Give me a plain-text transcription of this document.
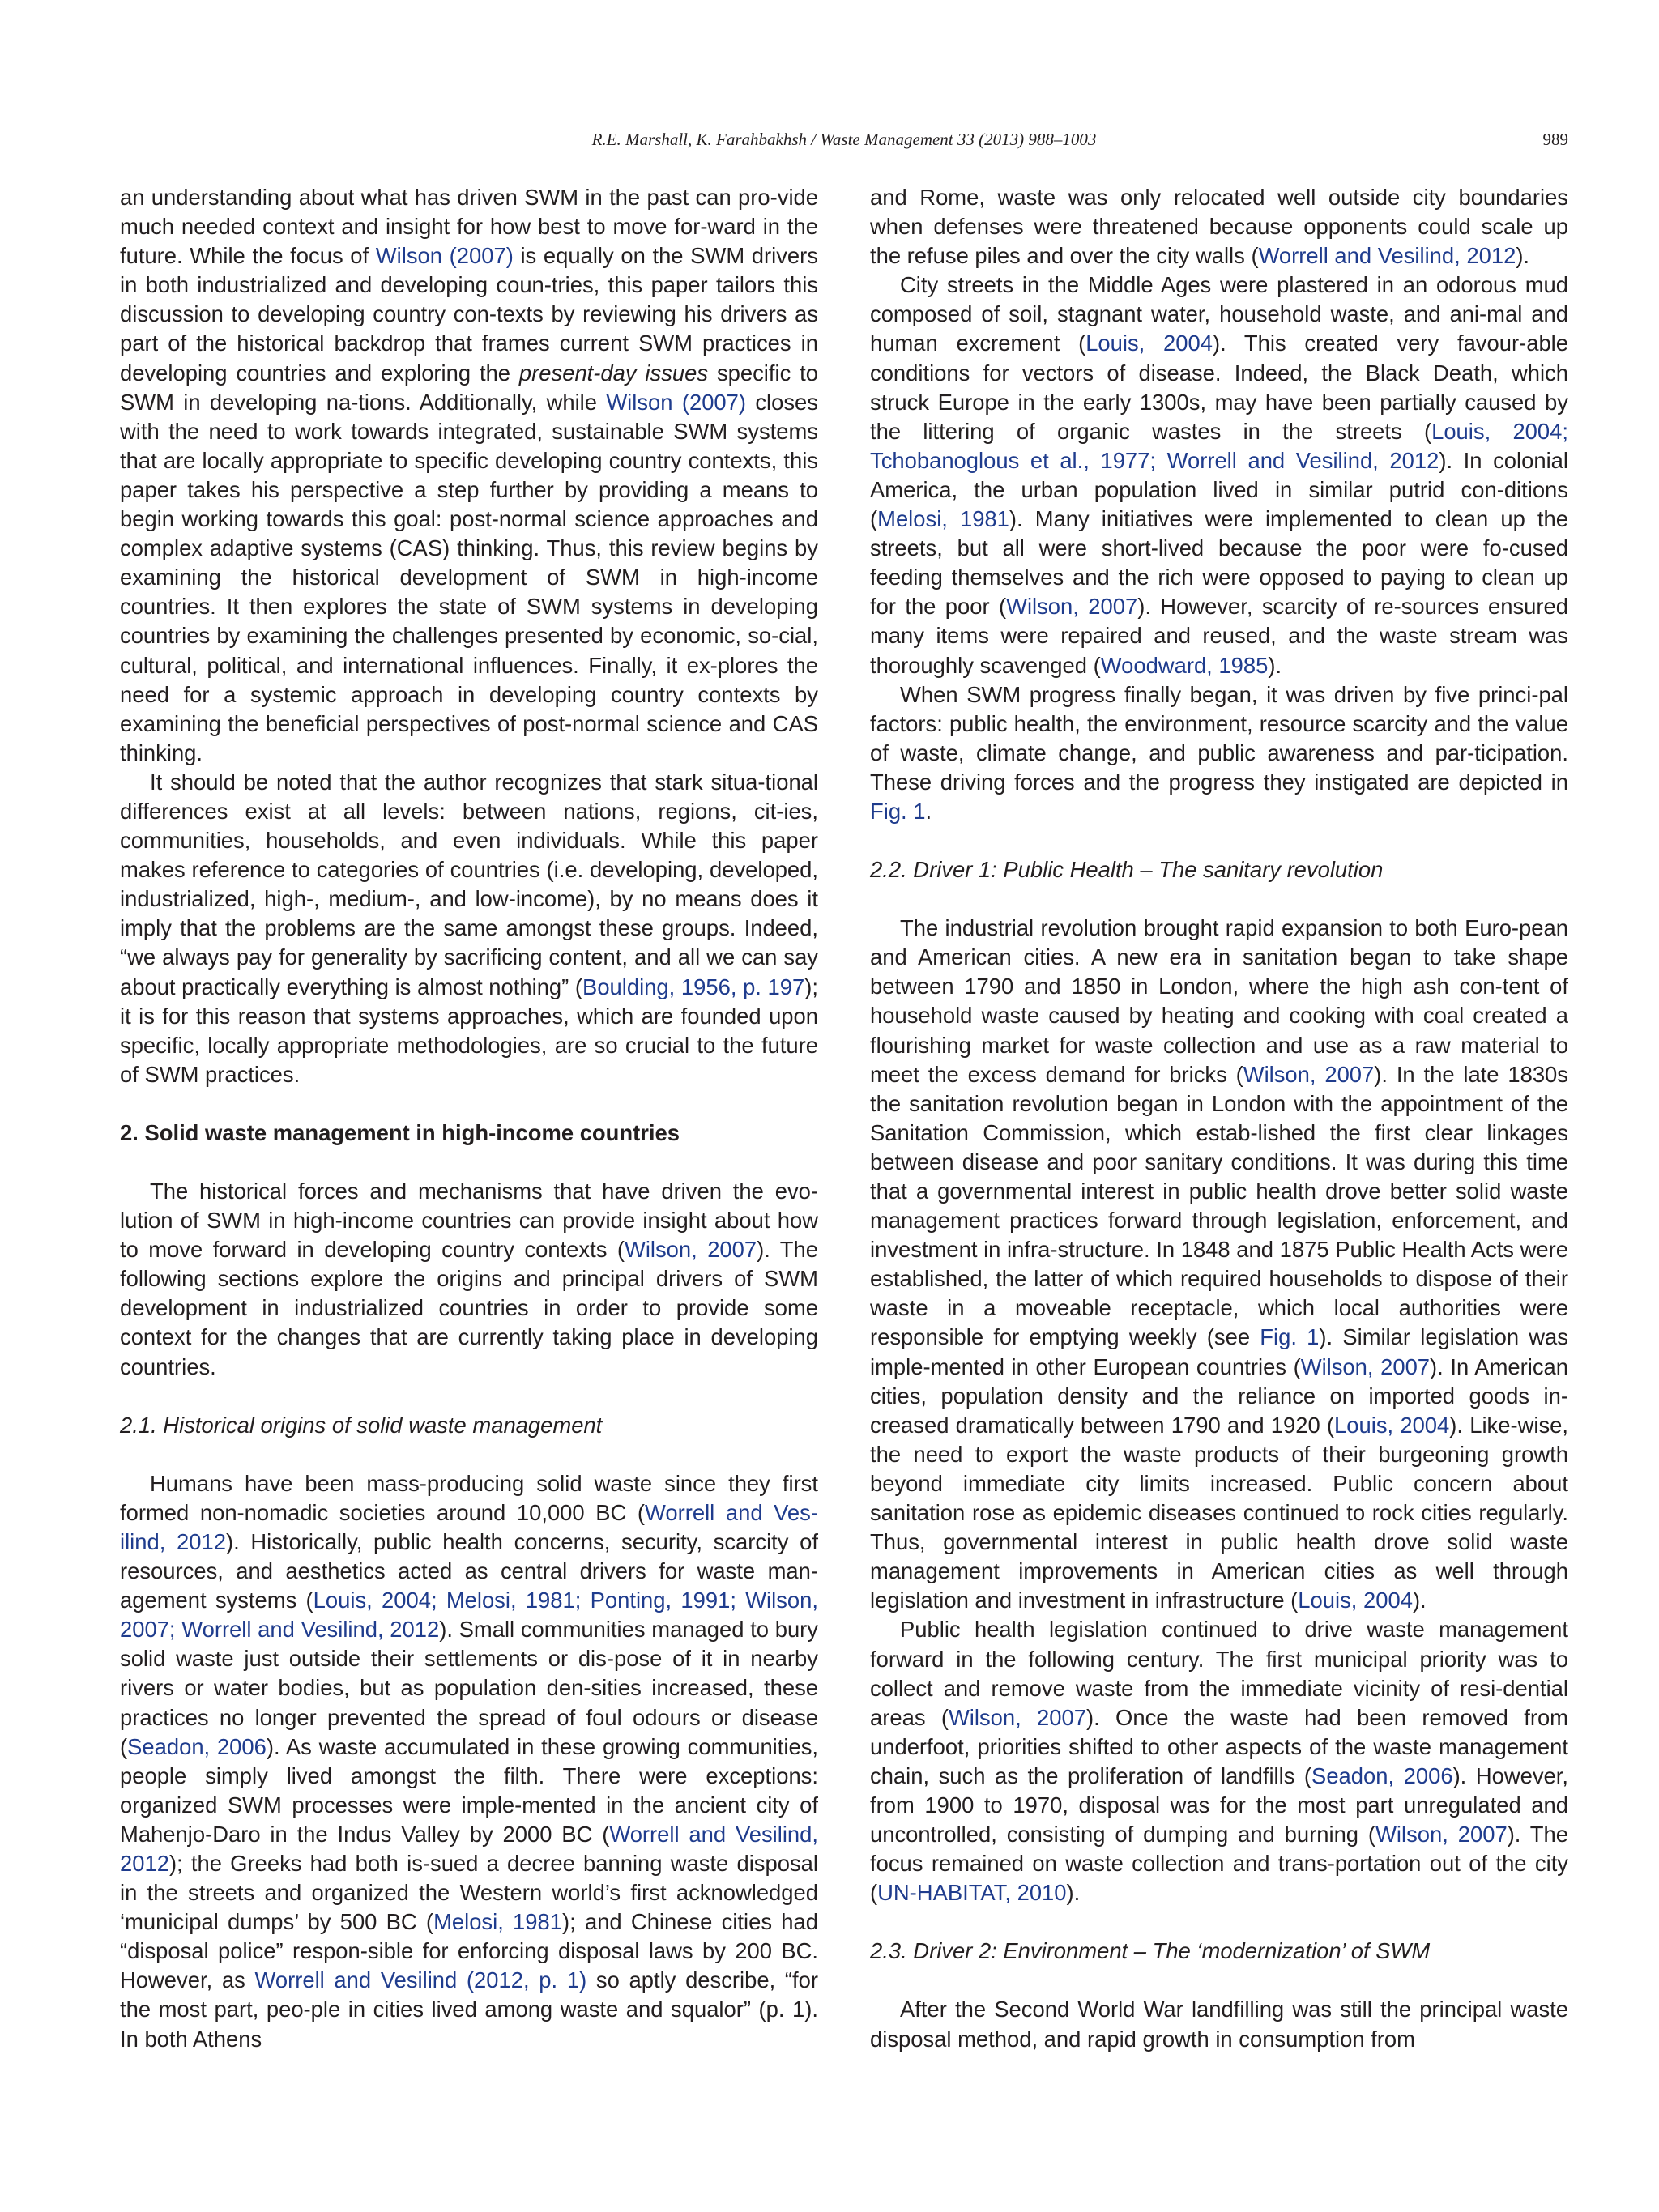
R.E. Marshall, K. Farahbakhsh / Waste Management 33 (2013) 988–1003	989

an understanding about what has driven SWM in the past can pro-vide much needed context and insight for how best to move for-ward in the future. While the focus of Wilson (2007) is equally on the SWM drivers in both industrialized and developing coun-tries, this paper tailors this discussion to developing country con-texts by reviewing his drivers as part of the historical backdrop that frames current SWM practices in developing countries and exploring the present-day issues specific to SWM in developing na-tions. Additionally, while Wilson (2007) closes with the need to work towards integrated, sustainable SWM systems that are locally appropriate to specific developing country contexts, this paper takes his perspective a step further by providing a means to begin working towards this goal: post-normal science approaches and complex adaptive systems (CAS) thinking. Thus, this review begins by examining the historical development of SWM in high-income countries. It then explores the state of SWM systems in developing countries by examining the challenges presented by economic, so-cial, cultural, political, and international influences. Finally, it ex-plores the need for a systemic approach in developing country contexts by examining the beneficial perspectives of post-normal science and CAS thinking.

It should be noted that the author recognizes that stark situa-tional differences exist at all levels: between nations, regions, cit-ies, communities, households, and even individuals. While this paper makes reference to categories of countries (i.e. developing, developed, industrialized, high-, medium-, and low-income), by no means does it imply that the problems are the same amongst these groups. Indeed, “we always pay for generality by sacrificing content, and all we can say about practically everything is almost nothing” (Boulding, 1956, p. 197); it is for this reason that systems approaches, which are founded upon specific, locally appropriate methodologies, are so crucial to the future of SWM practices.

2. Solid waste management in high-income countries

The historical forces and mechanisms that have driven the evo-lution of SWM in high-income countries can provide insight about how to move forward in developing country contexts (Wilson, 2007). The following sections explore the origins and principal drivers of SWM development in industrialized countries in order to provide some context for the changes that are currently taking place in developing countries.

2.1. Historical origins of solid waste management

Humans have been mass-producing solid waste since they first formed non-nomadic societies around 10,000 BC (Worrell and Ves-ilind, 2012). Historically, public health concerns, security, scarcity of resources, and aesthetics acted as central drivers for waste man-agement systems (Louis, 2004; Melosi, 1981; Ponting, 1991; Wilson, 2007; Worrell and Vesilind, 2012). Small communities managed to bury solid waste just outside their settlements or dis-pose of it in nearby rivers or water bodies, but as population den-sities increased, these practices no longer prevented the spread of foul odours or disease (Seadon, 2006). As waste accumulated in these growing communities, people simply lived amongst the filth. There were exceptions: organized SWM processes were imple-mented in the ancient city of Mahenjo-Daro in the Indus Valley by 2000 BC (Worrell and Vesilind, 2012); the Greeks had both is-sued a decree banning waste disposal in the streets and organized the Western world’s first acknowledged ‘municipal dumps’ by 500 BC (Melosi, 1981); and Chinese cities had “disposal police” respon-sible for enforcing disposal laws by 200 BC. However, as Worrell and Vesilind (2012, p. 1) so aptly describe, “for the most part, peo-ple in cities lived among waste and squalor” (p. 1). In both Athens

and Rome, waste was only relocated well outside city boundaries when defenses were threatened because opponents could scale up the refuse piles and over the city walls (Worrell and Vesilind, 2012).

City streets in the Middle Ages were plastered in an odorous mud composed of soil, stagnant water, household waste, and ani-mal and human excrement (Louis, 2004). This created very favour-able conditions for vectors of disease. Indeed, the Black Death, which struck Europe in the early 1300s, may have been partially caused by the littering of organic wastes in the streets (Louis, 2004; Tchobanoglous et al., 1977; Worrell and Vesilind, 2012). In colonial America, the urban population lived in similar putrid con-ditions (Melosi, 1981). Many initiatives were implemented to clean up the streets, but all were short-lived because the poor were fo-cused feeding themselves and the rich were opposed to paying to clean up for the poor (Wilson, 2007). However, scarcity of re-sources ensured many items were repaired and reused, and the waste stream was thoroughly scavenged (Woodward, 1985).

When SWM progress finally began, it was driven by five princi-pal factors: public health, the environment, resource scarcity and the value of waste, climate change, and public awareness and par-ticipation. These driving forces and the progress they instigated are depicted in Fig. 1.

2.2. Driver 1: Public Health – The sanitary revolution

The industrial revolution brought rapid expansion to both Euro-pean and American cities. A new era in sanitation began to take shape between 1790 and 1850 in London, where the high ash con-tent of household waste caused by heating and cooking with coal created a flourishing market for waste collection and use as a raw material to meet the excess demand for bricks (Wilson, 2007). In the late 1830s the sanitation revolution began in London with the appointment of the Sanitation Commission, which estab-lished the first clear linkages between disease and poor sanitary conditions. It was during this time that a governmental interest in public health drove better solid waste management practices forward through legislation, enforcement, and investment in infra-structure. In 1848 and 1875 Public Health Acts were established, the latter of which required households to dispose of their waste in a moveable receptacle, which local authorities were responsible for emptying weekly (see Fig. 1). Similar legislation was imple-mented in other European countries (Wilson, 2007). In American cities, population density and the reliance on imported goods in-creased dramatically between 1790 and 1920 (Louis, 2004). Like-wise, the need to export the waste products of their burgeoning growth beyond immediate city limits increased. Public concern about sanitation rose as epidemic diseases continued to rock cities regularly. Thus, governmental interest in public health drove solid waste management improvements in American cities as well through legislation and investment in infrastructure (Louis, 2004).

Public health legislation continued to drive waste management forward in the following century. The first municipal priority was to collect and remove waste from the immediate vicinity of resi-dential areas (Wilson, 2007). Once the waste had been removed from underfoot, priorities shifted to other aspects of the waste management chain, such as the proliferation of landfills (Seadon, 2006). However, from 1900 to 1970, disposal was for the most part unregulated and uncontrolled, consisting of dumping and burning (Wilson, 2007). The focus remained on waste collection and trans-portation out of the city (UN-HABITAT, 2010).

2.3. Driver 2: Environment – The ‘modernization’ of SWM

After the Second World War landfilling was still the principal waste disposal method, and rapid growth in consumption from
